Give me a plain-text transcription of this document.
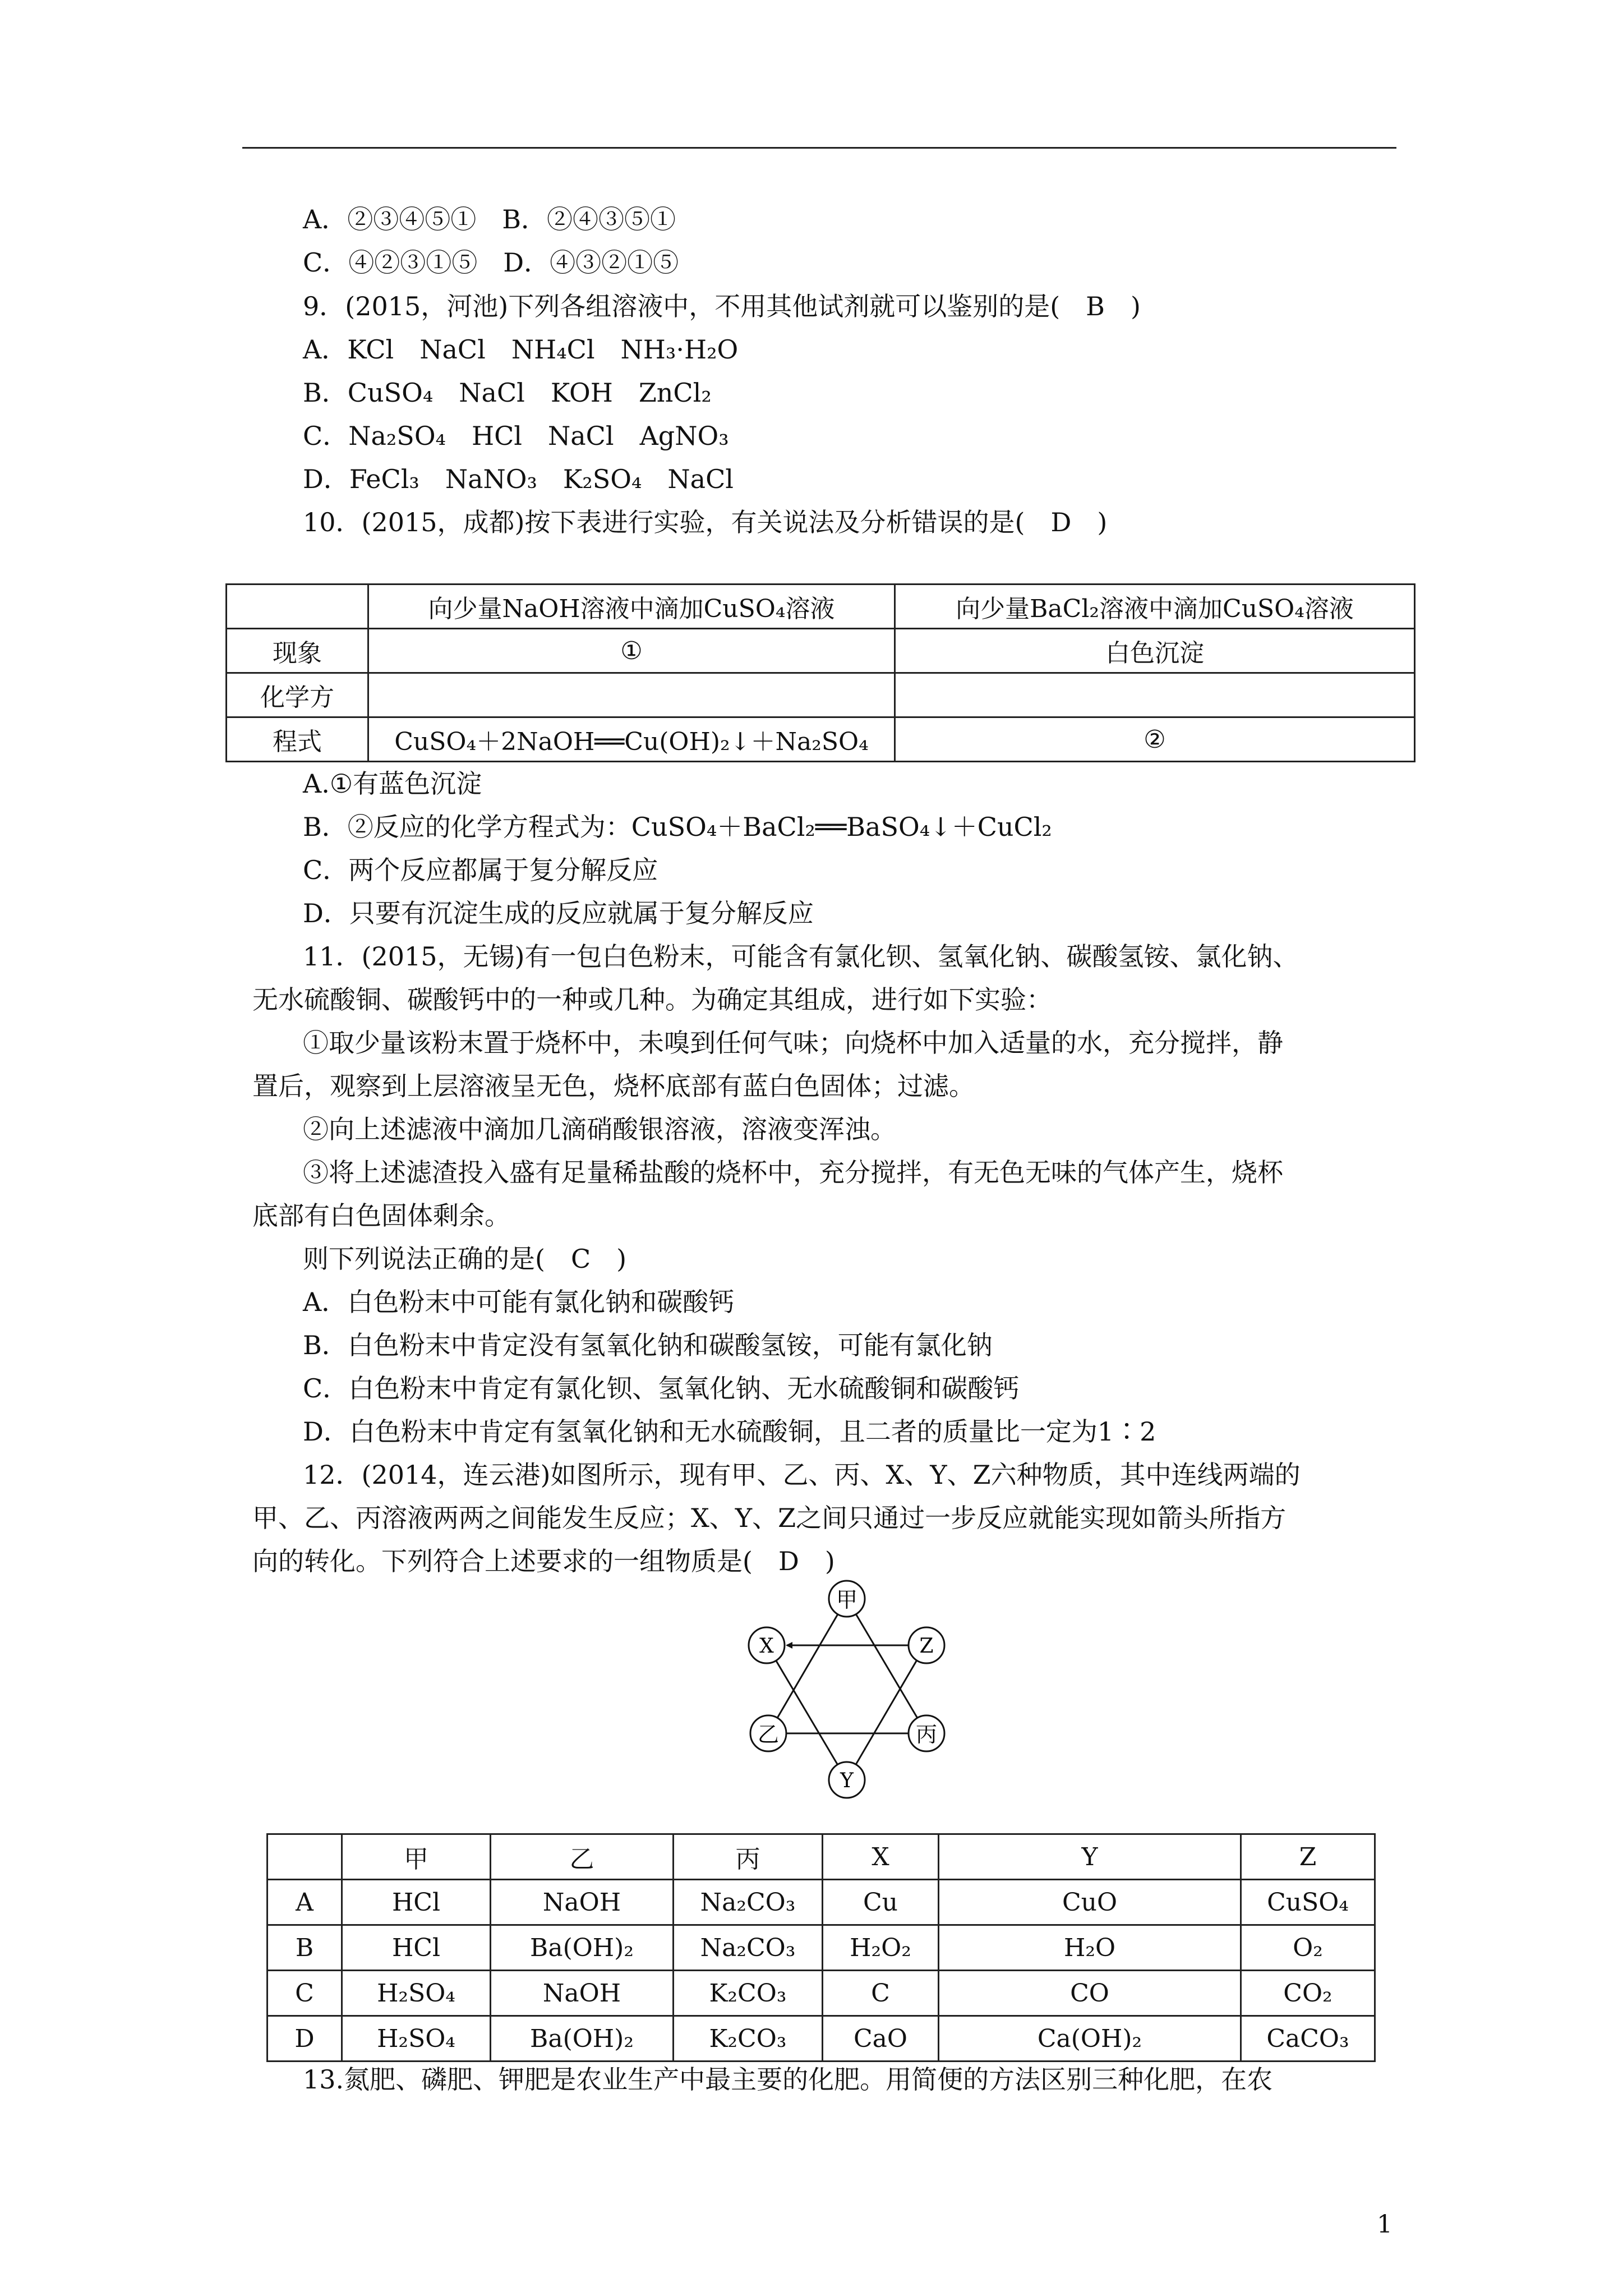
A．②③④⑤①　B．②④③⑤①
C．④②③①⑤　D．④③②①⑤
9．(2015，河池)下列各组溶液中，不用其他试剂就可以鉴别的是(　B　)
A．KCl　NaCl　NH₄Cl　NH₃·H₂O
B．CuSO₄　NaCl　KOH　ZnCl₂
C．Na₂SO₄　HCl　NaCl　AgNO₃
D．FeCl₃　NaNO₃　K₂SO₄　NaCl
10．(2015，成都)按下表进行实验，有关说法及分析错误的是(　D　)
	向少量NaOH溶液中滴加CuSO₄溶液	向少量BaCl₂溶液中滴加CuSO₄溶液
现象	①	白色沉淀
化学方		
程式	CuSO₄＋2NaOH══Cu(OH)₂↓＋Na₂SO₄	②
A.①有蓝色沉淀
B．②反应的化学方程式为：CuSO₄＋BaCl₂══BaSO₄↓＋CuCl₂
C．两个反应都属于复分解反应
D．只要有沉淀生成的反应就属于复分解反应
11．(2015，无锡)有一包白色粉末，可能含有氯化钡、氢氧化钠、碳酸氢铵、氯化钠、
无水硫酸铜、碳酸钙中的一种或几种。为确定其组成，进行如下实验：
①取少量该粉末置于烧杯中，未嗅到任何气味；向烧杯中加入适量的水，充分搅拌，静
置后，观察到上层溶液呈无色，烧杯底部有蓝白色固体；过滤。
②向上述滤液中滴加几滴硝酸银溶液，溶液变浑浊。
③将上述滤渣投入盛有足量稀盐酸的烧杯中，充分搅拌，有无色无味的气体产生，烧杯
底部有白色固体剩余。
则下列说法正确的是(　C　)
A．白色粉末中可能有氯化钠和碳酸钙
B．白色粉末中肯定没有氢氧化钠和碳酸氢铵，可能有氯化钠
C．白色粉末中肯定有氯化钡、氢氧化钠、无水硫酸铜和碳酸钙
D．白色粉末中肯定有氢氧化钠和无水硫酸铜，且二者的质量比一定为1∶2
12．(2014，连云港)如图所示，现有甲、乙、丙、X、Y、Z六种物质，其中连线两端的
甲、乙、丙溶液两两之间能发生反应；X、Y、Z之间只通过一步反应就能实现如箭头所指方
向的转化。下列符合上述要求的一组物质是(　D　)
甲
X	Z
乙	丙
Y
	甲	乙	丙	X	Y	Z
A	HCl	NaOH	Na₂CO₃	Cu	CuO	CuSO₄
B	HCl	Ba(OH)₂	Na₂CO₃	H₂O₂	H₂O	O₂
C	H₂SO₄	NaOH	K₂CO₃	C	CO	CO₂
D	H₂SO₄	Ba(OH)₂	K₂CO₃	CaO	Ca(OH)₂	CaCO₃
13.氮肥、磷肥、钾肥是农业生产中最主要的化肥。用简便的方法区别三种化肥，在农
1
